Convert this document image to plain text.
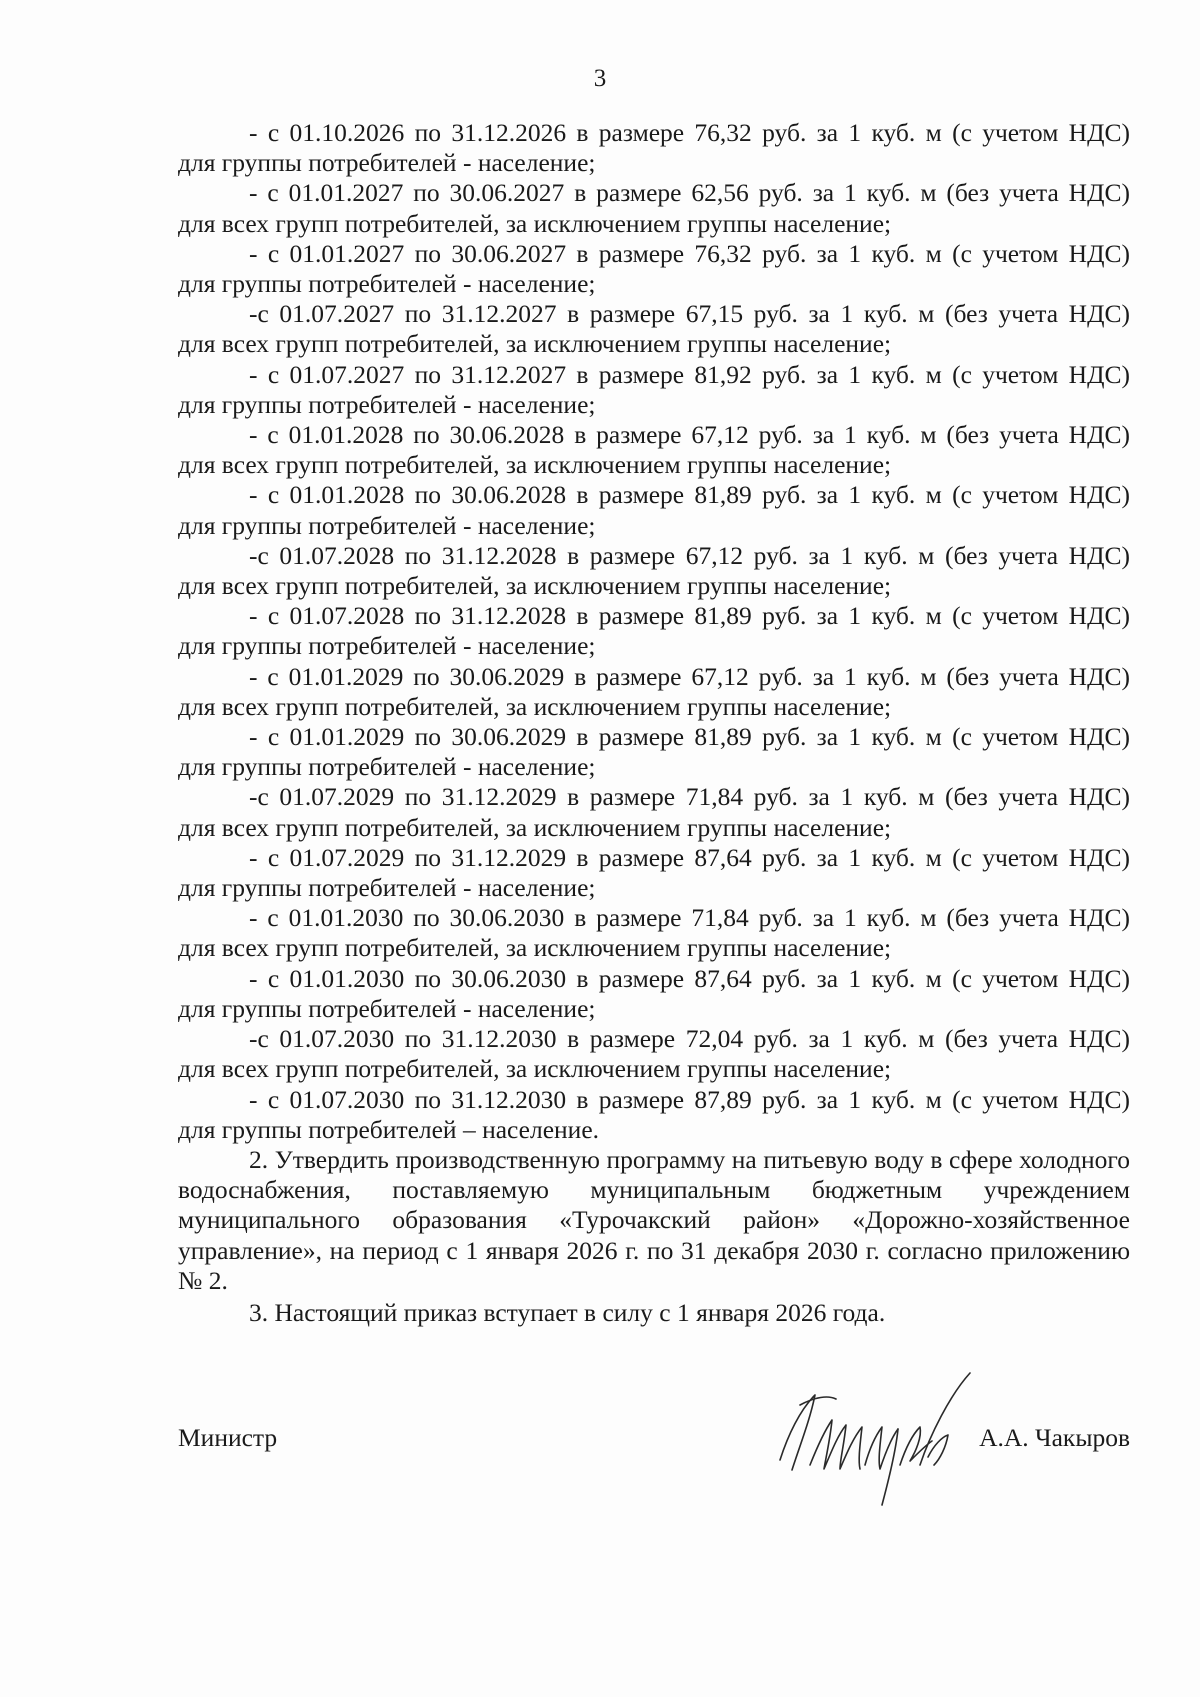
3

- с 01.10.2026 по 31.12.2026 в размере 76,32 руб. за 1 куб. м (с учетом НДС)
для группы потребителей - население;

- с 01.01.2027 по 30.06.2027 в размере 62,56 руб. за 1 куб. м (без учета НДС)
для всех групп потребителей, за исключением группы население;

- с 01.01.2027 по 30.06.2027 в размере 76,32 руб. за 1 куб. м (с учетом НДС)
для группы потребителей - население;

-с 01.07.2027 по 31.12.2027 в размере 67,15 руб. за 1 куб. м (без учета НДС)
для всех групп потребителей, за исключением группы население;

- с 01.07.2027 по 31.12.2027 в размере 81,92 руб. за 1 куб. м (с учетом НДС)
для группы потребителей - население;

- с 01.01.2028 по 30.06.2028 в размере 67,12 руб. за 1 куб. м (без учета НДС)
для всех групп потребителей, за исключением группы население;

- с 01.01.2028 по 30.06.2028 в размере 81,89 руб. за 1 куб. м (с учетом НДС)
для группы потребителей - население;

-с 01.07.2028 по 31.12.2028 в размере 67,12 руб. за 1 куб. м (без учета НДС)
для всех групп потребителей, за исключением группы население;

- с 01.07.2028 по 31.12.2028 в размере 81,89 руб. за 1 куб. м (с учетом НДС)
для группы потребителей - население;

- с 01.01.2029 по 30.06.2029 в размере 67,12 руб. за 1 куб. м (без учета НДС)
для всех групп потребителей, за исключением группы население;

- с 01.01.2029 по 30.06.2029 в размере 81,89 руб. за 1 куб. м (с учетом НДС)
для группы потребителей - население;

-с 01.07.2029 по 31.12.2029 в размере 71,84 руб. за 1 куб. м (без учета НДС)
для всех групп потребителей, за исключением группы население;

- с 01.07.2029 по 31.12.2029 в размере 87,64 руб. за 1 куб. м (с учетом НДС)
для группы потребителей - население;

- с 01.01.2030 по 30.06.2030 в размере 71,84 руб. за 1 куб. м (без учета НДС)
для всех групп потребителей, за исключением группы население;

- с 01.01.2030 по 30.06.2030 в размере 87,64 руб. за 1 куб. м (с учетом НДС)
для группы потребителей - население;

-с 01.07.2030 по 31.12.2030 в размере 72,04 руб. за 1 куб. м (без учета НДС)
для всех групп потребителей, за исключением группы население;

- с 01.07.2030 по 31.12.2030 в размере 87,89 руб. за 1 куб. м (с учетом НДС)
для группы потребителей – население.

2. Утвердить производственную программу на питьевую воду в сфере холодного водоснабжения, поставляемую муниципальным бюджетным учреждением муниципального образования «Турочакский район» «Дорожно-хозяйственное управление», на период с 1 января 2026 г. по 31 декабря 2030 г. согласно приложению № 2.

3. Настоящий приказ вступает в силу с 1 января 2026 года.

Министр	А.А. Чакыров
